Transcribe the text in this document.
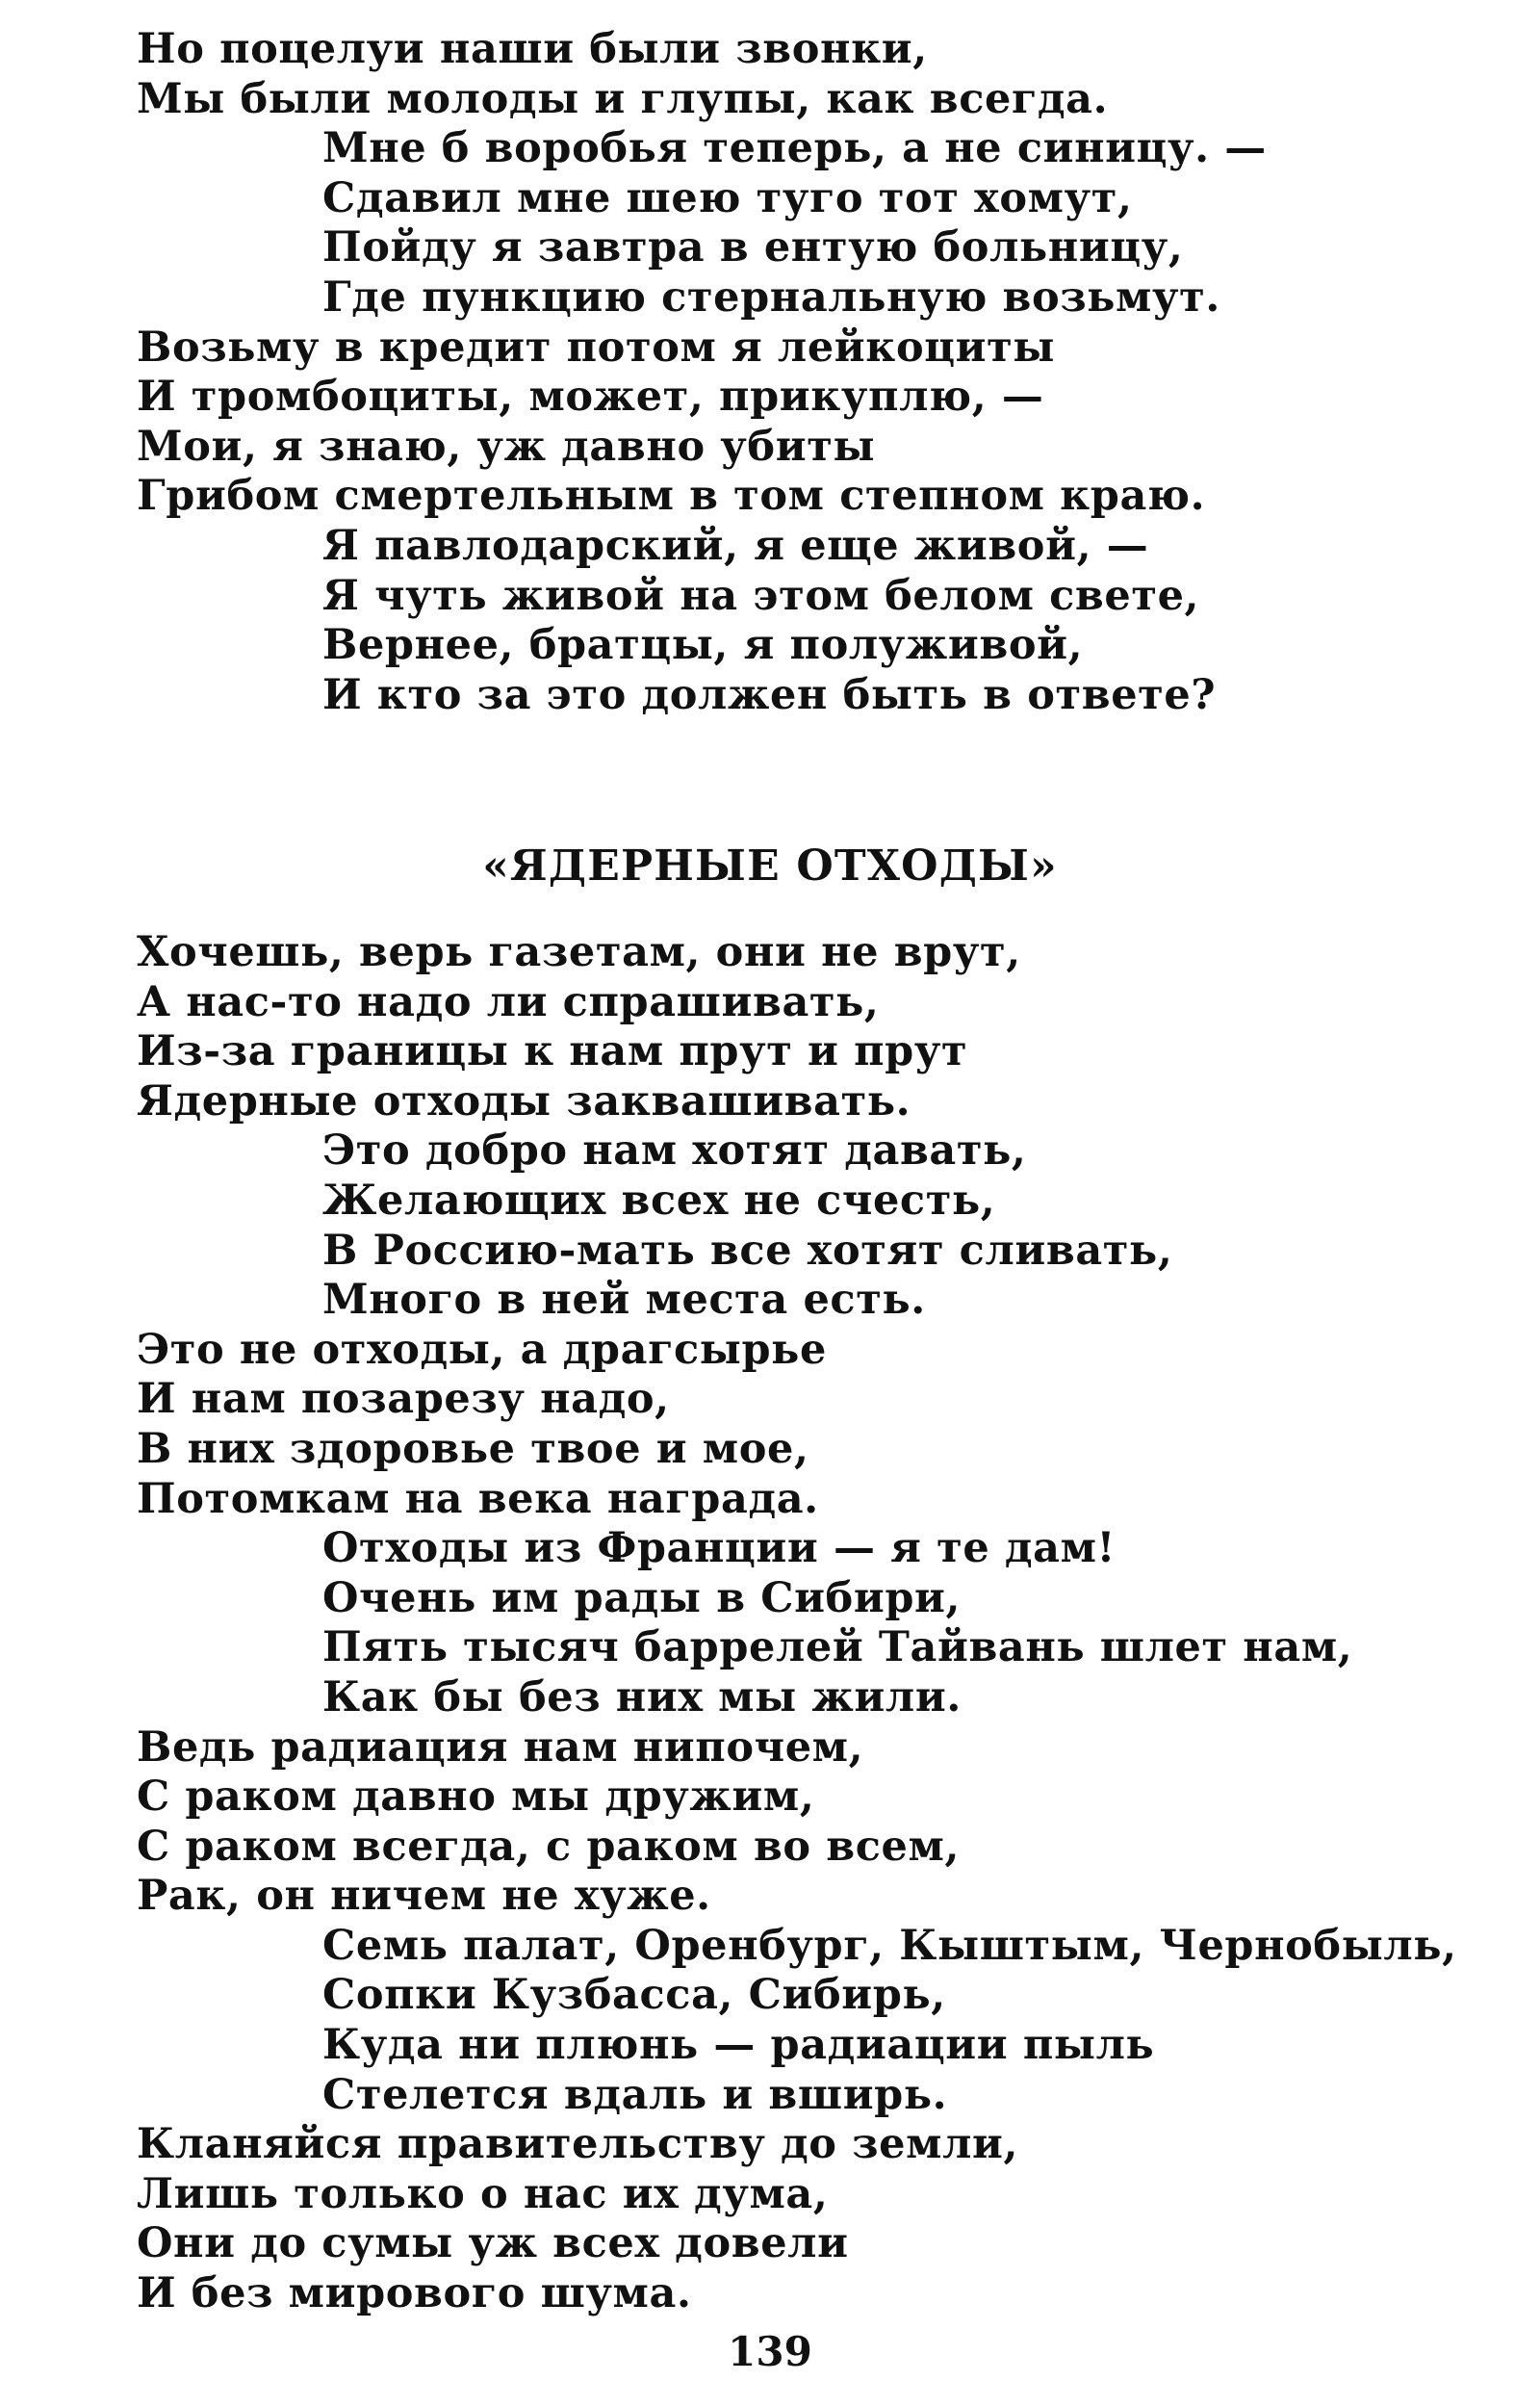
Но поцелуи наши были звонки,
Мы были молоды и глупы, как всегда.
Мне б воробья теперь, а не синицу. —
Сдавил мне шею туго тот хомут,
Пойду я завтра в ентую больницу,
Где пункцию стернальную возьмут.
Возьму в кредит потом я лейкоциты
И тромбоциты, может, прикуплю, —
Мои, я знаю, уж давно убиты
Грибом смертельным в том степном краю.
Я павлодарский, я еще живой, —
Я чуть живой на этом белом свете,
Вернее, братцы, я полуживой,
И кто за это должен быть в ответе?
«ЯДЕРНЫЕ ОТХОДЫ»
Хочешь, верь газетам, они не врут,
А нас-то надо ли спрашивать,
Из-за границы к нам прут и прут
Ядерные отходы заквашивать.
Это добро нам хотят давать,
Желающих всех не счесть,
В Россию-мать все хотят сливать,
Много в ней места есть.
Это не отходы, а драгсырье
И нам позарезу надо,
В них здоровье твое и мое,
Потомкам на века награда.
Отходы из Франции — я те дам!
Очень им рады в Сибири,
Пять тысяч баррелей Тайвань шлет нам,
Как бы без них мы жили.
Ведь радиация нам нипочем,
С раком давно мы дружим,
С раком всегда, с раком во всем,
Рак, он ничем не хуже.
Семь палат, Оренбург, Кыштым, Чернобыль,
Сопки Кузбасса, Сибирь,
Куда ни плюнь — радиации пыль
Стелется вдаль и вширь.
Кланяйся правительству до земли,
Лишь только о нас их дума,
Они до сумы уж всех довели
И без мирового шума.
139
